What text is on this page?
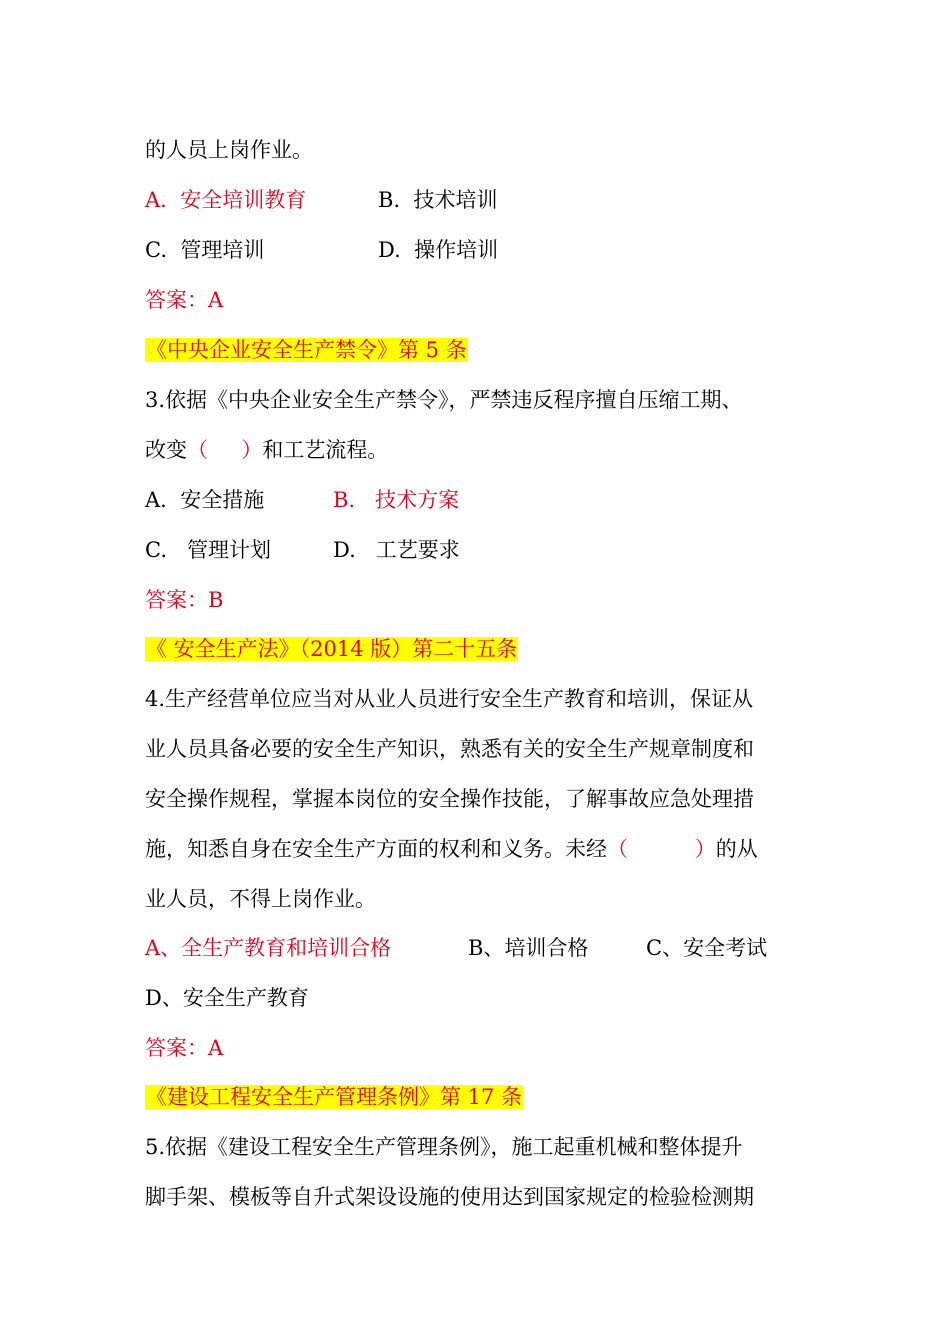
的人员上岗作业。
A. 安全培训教育	B. 技术培训
C. 管理培训	D. 操作培训
答案：A
《中央企业安全生产禁令》第 5 条
3.依据《中央企业安全生产禁令》，严禁违反程序擅自压缩工期、
改变（     ）和工艺流程。
A. 安全措施	B. 技术方案
C. 管理计划	D. 工艺要求
答案：B
《 安全生产法》（2014 版）第二十五条
4.生产经营单位应当对从业人员进行安全生产教育和培训，保证从
业人员具备必要的安全生产知识，熟悉有关的安全生产规章制度和
安全操作规程，掌握本岗位的安全操作技能，了解事故应急处理措
施，知悉自身在安全生产方面的权利和义务。未经（          ）的从
业人员，不得上岗作业。
A、全生产教育和培训合格	B、培训合格	C、安全考试
D、安全生产教育
答案：A
《建设工程安全生产管理条例》第 17 条
5.依据《建设工程安全生产管理条例》，施工起重机械和整体提升
脚手架、模板等自升式架设设施的使用达到国家规定的检验检测期
